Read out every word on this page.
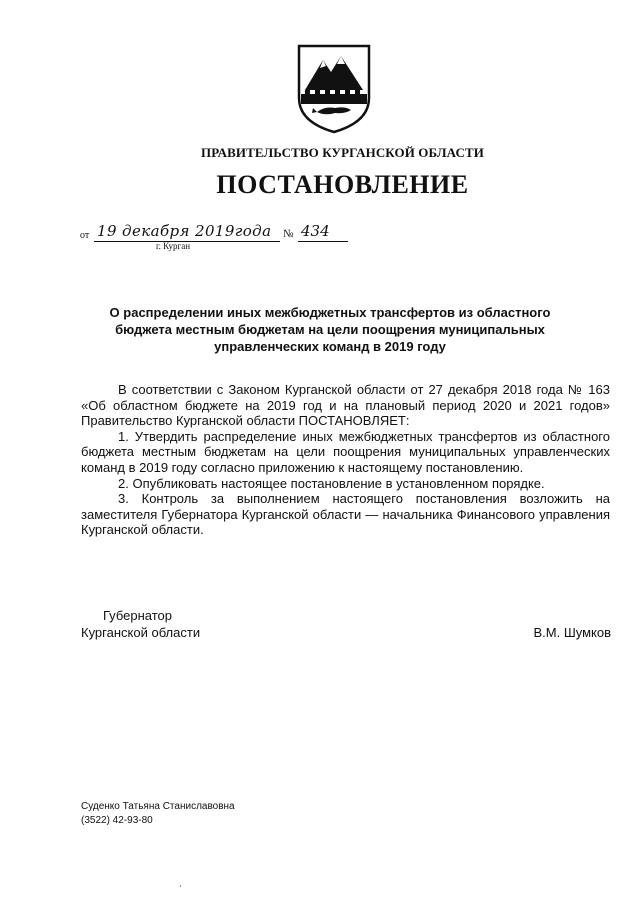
ПРАВИТЕЛЬСТВО КУРГАНСКОЙ ОБЛАСТИ
ПОСТАНОВЛЕНИЕ
от 19 декабря 2019года	№ 434
г. Курган
О распределении иных межбюджетных трансфертов из областного бюджета местным бюджетам на цели поощрения муниципальных управленческих команд в 2019 году

В соответствии с Законом Курганской области от 27 декабря 2018 года № 163 «Об областном бюджете на 2019 год и на плановый период 2020 и 2021 годов» Правительство Курганской области ПОСТАНОВЛЯЕТ:

1. Утвердить распределение иных межбюджетных трансфертов из областного бюджета местным бюджетам на цели поощрения муниципальных управленческих команд в 2019 году согласно приложению к настоящему постановлению.

2. Опубликовать настоящее постановление в установленном порядке.

3. Контроль за выполнением настоящего постановления возложить на заместителя Губернатора Курганской области — начальника Финансового управления Курганской области.

Губернатор
Курганской области	В.М. Шумков
Суденко Татьяна Станиславовна
(3522) 42-93-80
